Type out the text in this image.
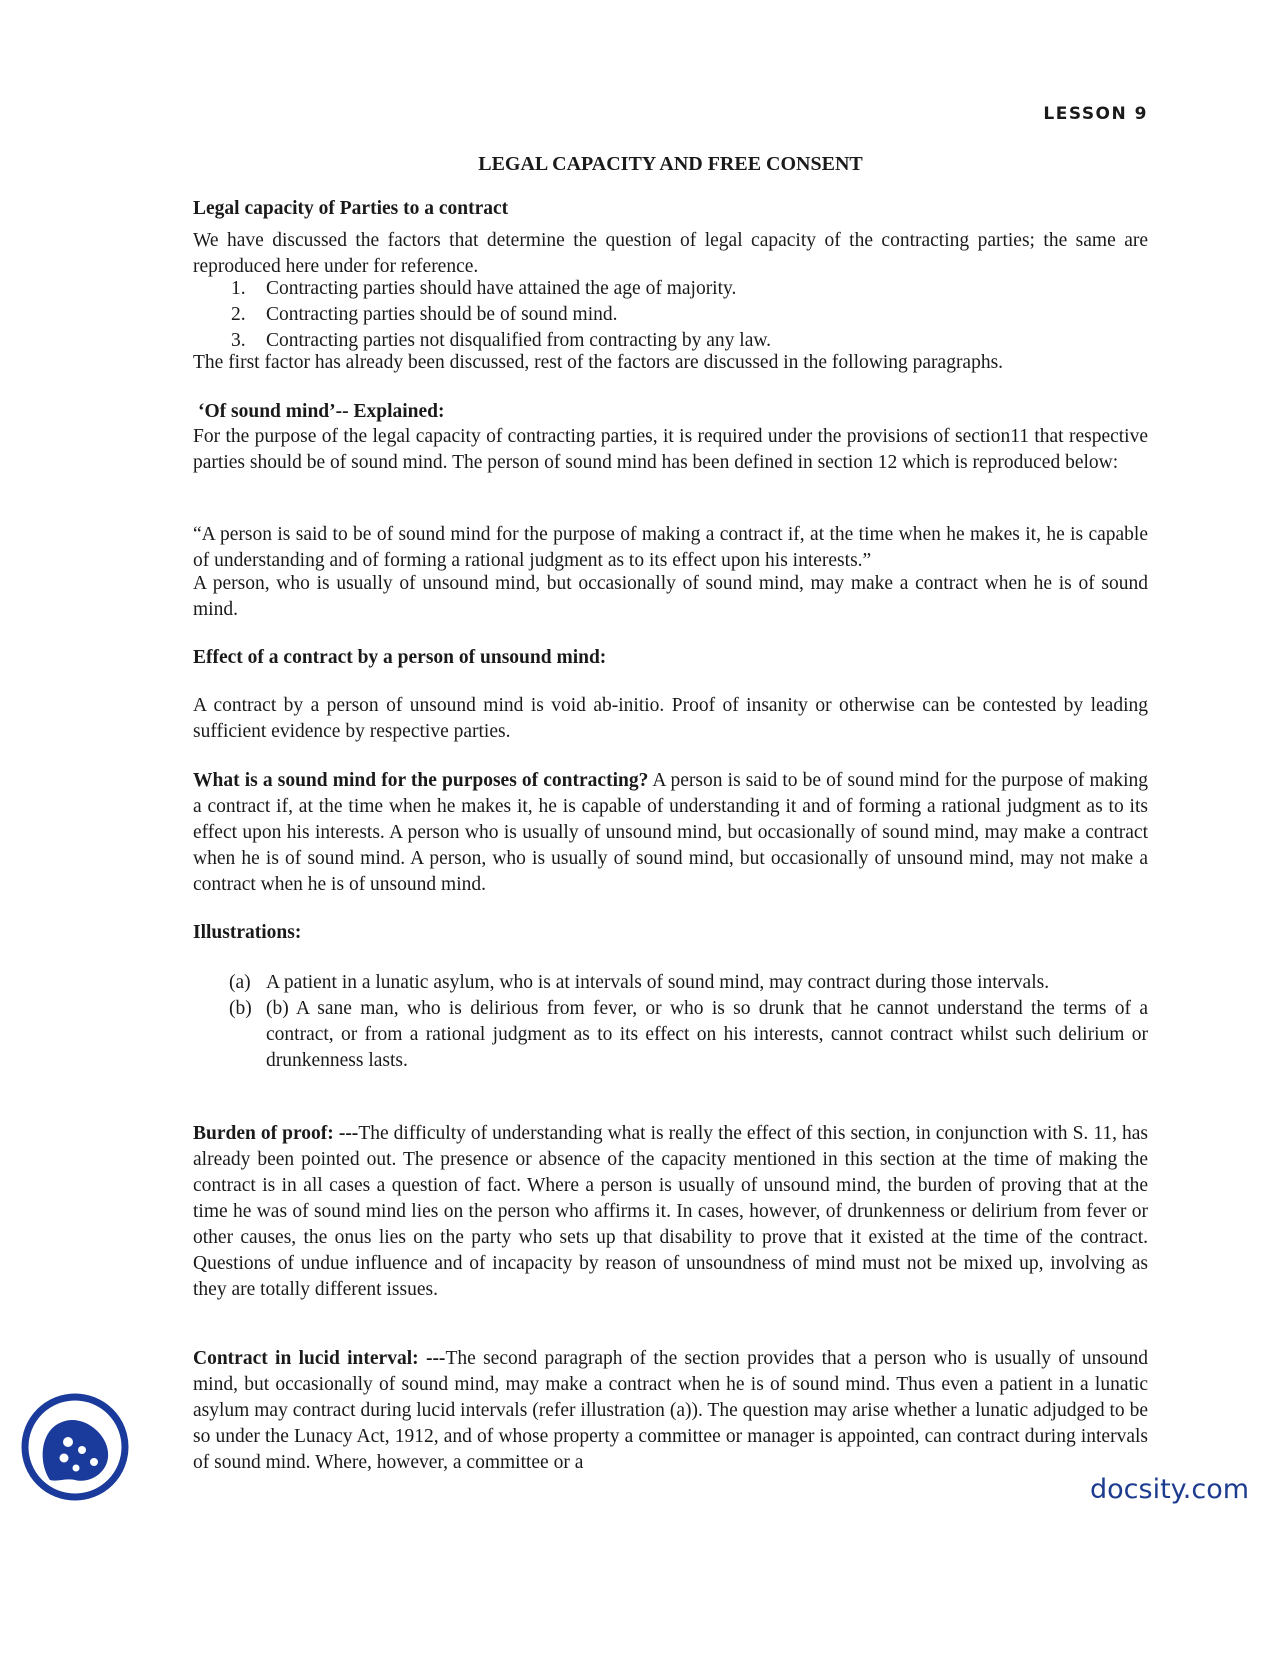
LESSON 9
LEGAL CAPACITY AND FREE CONSENT
Legal capacity of Parties to a contract
We have discussed the factors that determine the question of legal capacity of the contracting parties; the same are reproduced here under for reference.
1. Contracting parties should have attained the age of majority.
2. Contracting parties should be of sound mind.
3. Contracting parties not disqualified from contracting by any law.
The first factor has already been discussed, rest of the factors are discussed in the following paragraphs.
‘Of sound mind’-- Explained:
For the purpose of the legal capacity of contracting parties, it is required under the provisions of section11 that respective parties should be of sound mind. The person of sound mind has been defined in section 12 which is reproduced below:
“A person is said to be of sound mind for the purpose of making a contract if, at the time when he makes it, he is capable of understanding and of forming a rational judgment as to its effect upon his interests.”
A person, who is usually of unsound mind, but occasionally of sound mind, may make a contract when he is of sound mind.
Effect of a contract by a person of unsound mind:
A contract by a person of unsound mind is void ab-initio. Proof of insanity or otherwise can be contested by leading sufficient evidence by respective parties.
What is a sound mind for the purposes of contracting? A person is said to be of sound mind for the purpose of making a contract if, at the time when he makes it, he is capable of understanding it and of forming a rational judgment as to its effect upon his interests. A person who is usually of unsound mind, but occasionally of sound mind, may make a contract when he is of sound mind. A person, who is usually of sound mind, but occasionally of unsound mind, may not make a contract when he is of unsound mind.
Illustrations:
(a) A patient in a lunatic asylum, who is at intervals of sound mind, may contract during those intervals.
(b) (b) A sane man, who is delirious from fever, or who is so drunk that he cannot understand the terms of a contract, or from a rational judgment as to its effect on his interests, cannot contract whilst such delirium or drunkenness lasts.
Burden of proof: ---The difficulty of understanding what is really the effect of this section, in conjunction with S. 11, has already been pointed out. The presence or absence of the capacity mentioned in this section at the time of making the contract is in all cases a question of fact. Where a person is usually of unsound mind, the burden of proving that at the time he was of sound mind lies on the person who affirms it. In cases, however, of drunkenness or delirium from fever or other causes, the onus lies on the party who sets up that disability to prove that it existed at the time of the contract. Questions of undue influence and of incapacity by reason of unsoundness of mind must not be mixed up, involving as they are totally different issues.
Contract in lucid interval: ---The second paragraph of the section provides that a person who is usually of unsound mind, but occasionally of sound mind, may make a contract when he is of sound mind. Thus even a patient in a lunatic asylum may contract during lucid intervals (refer illustration (a)). The question may arise whether a lunatic adjudged to be so under the Lunacy Act, 1912, and of whose property a committee or manager is appointed, can contract during intervals of sound mind. Where, however, a committee or a
docsity.com
